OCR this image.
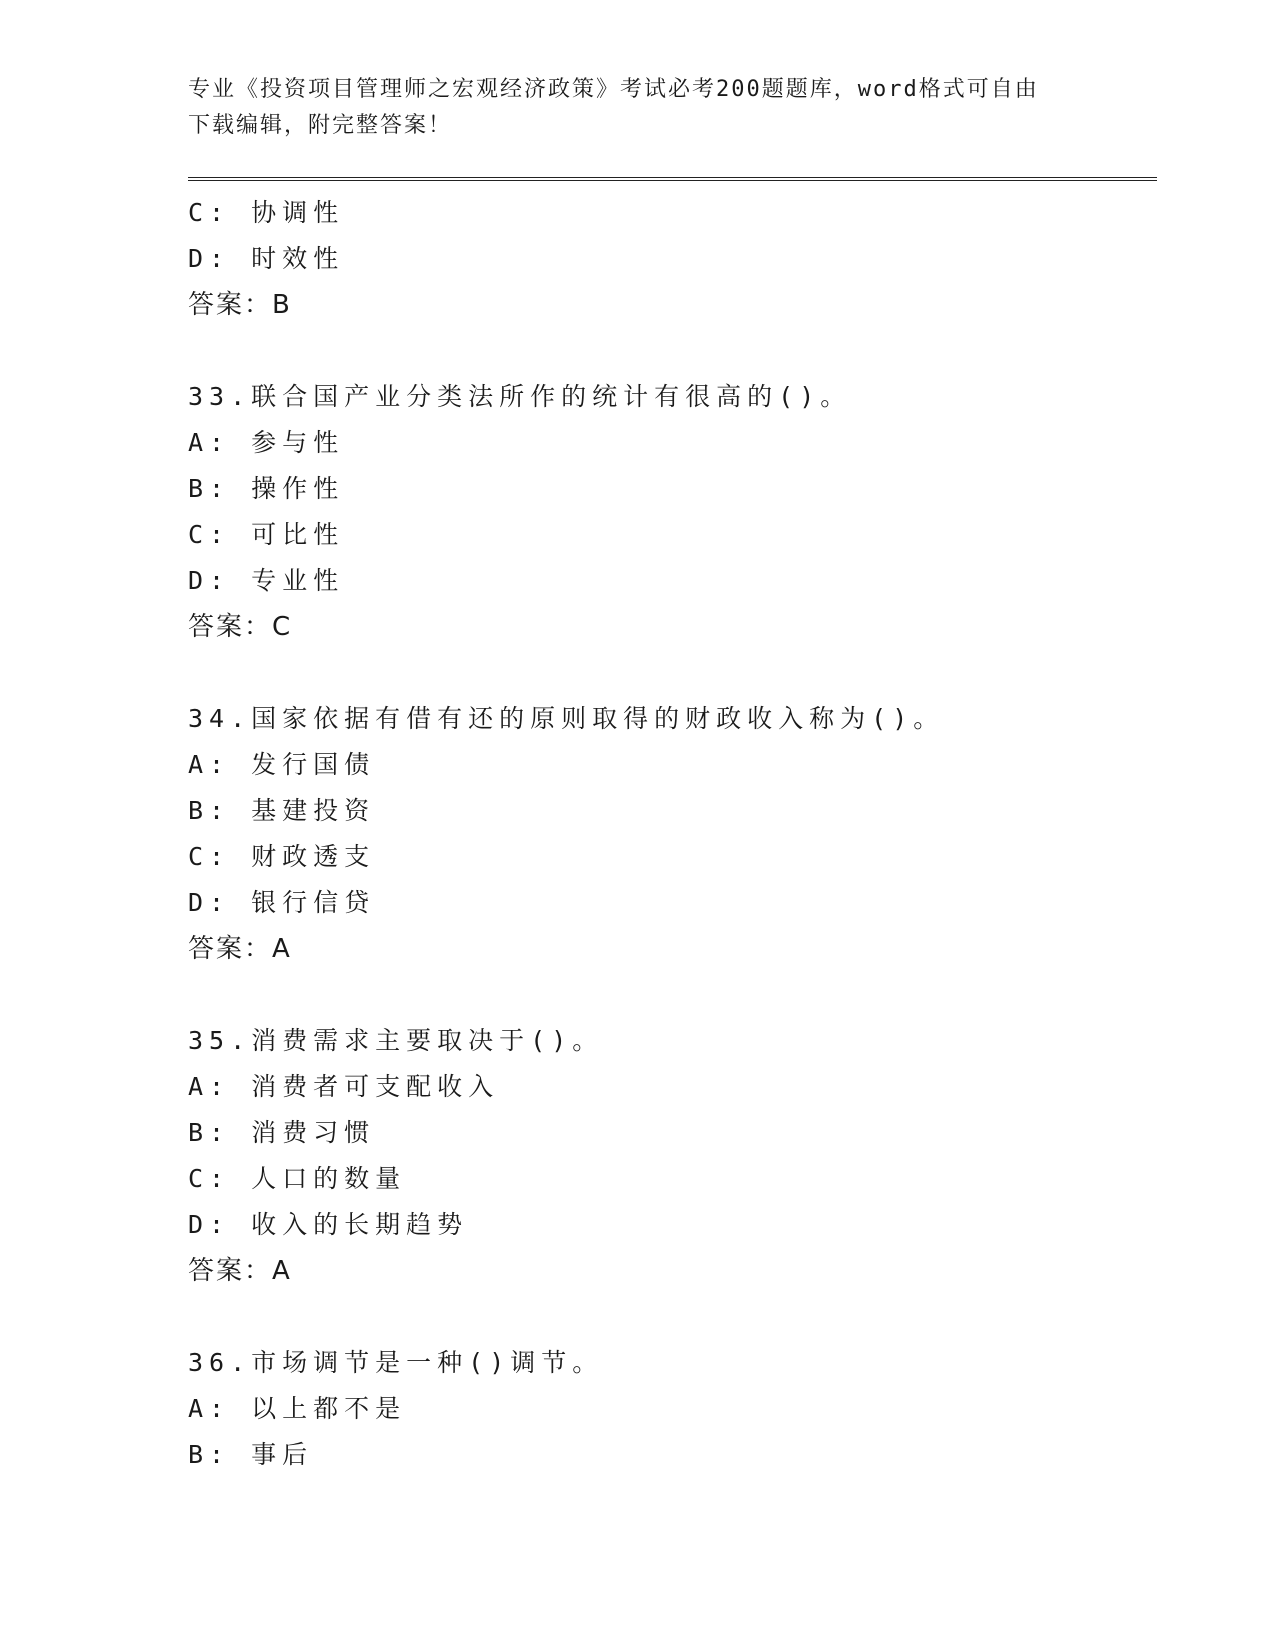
专业《投资项目管理师之宏观经济政策》考试必考200题题库，word格式可自由
下载编辑，附完整答案！
C: 协调性
D: 时效性
答案：B
33.联合国产业分类法所作的统计有很高的()。
A: 参与性
B: 操作性
C: 可比性
D: 专业性
答案：C
34.国家依据有借有还的原则取得的财政收入称为()。
A: 发行国债
B: 基建投资
C: 财政透支
D: 银行信贷
答案：A
35.消费需求主要取决于()。
A: 消费者可支配收入
B: 消费习惯
C: 人口的数量
D: 收入的长期趋势
答案：A
36.市场调节是一种()调节。
A: 以上都不是
B: 事后
